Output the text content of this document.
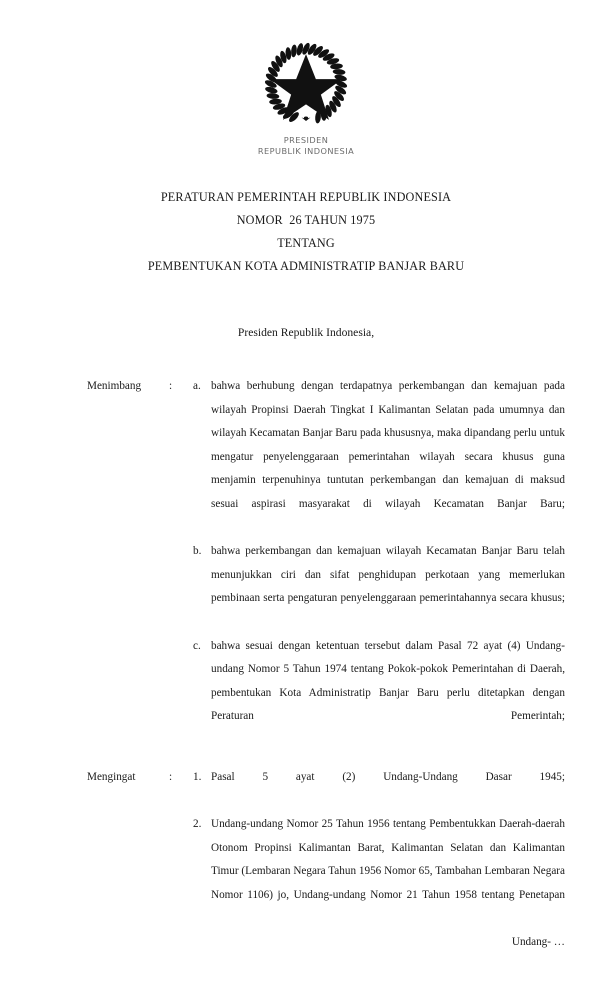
PRESIDEN
REPUBLIK INDONESIA
PERATURAN PEMERINTAH REPUBLIK INDONESIA
NOMOR  26 TAHUN 1975
TENTANG
PEMBENTUKAN KOTA ADMINISTRATIP BANJAR BARU
Presiden Republik Indonesia,
Menimbang	:	a. bahwa berhubung dengan terdapatnya perkembangan dan kemajuan pada wilayah Propinsi Daerah Tingkat I Kalimantan Selatan pada umumnya dan wilayah Kecamatan Banjar Baru pada khususnya, maka dipandang perlu untuk mengatur penyelenggaraan pemerintahan wilayah secara khusus guna menjamin terpenuhinya tuntutan perkembangan dan kemajuan di maksud sesuai aspirasi masyarakat di wilayah Kecamatan Banjar Baru;
b. bahwa perkembangan dan kemajuan wilayah Kecamatan Banjar Baru telah menunjukkan ciri dan sifat penghidupan perkotaan yang memerlukan pembinaan serta pengaturan penyelenggaraan pemerintahannya secara khusus;
c. bahwa sesuai dengan ketentuan tersebut dalam Pasal 72 ayat (4) Undang-undang Nomor 5 Tahun 1974 tentang Pokok-pokok Pemerintahan di Daerah, pembentukan Kota Administratip Banjar Baru perlu ditetapkan dengan Peraturan Pemerintah;
Mengingat	:	1. Pasal 5 ayat (2) Undang-Undang Dasar 1945;
2. Undang-undang Nomor 25 Tahun 1956 tentang Pembentukkan Daerah-daerah Otonom Propinsi Kalimantan Barat, Kalimantan Selatan dan Kalimantan Timur (Lembaran Negara Tahun 1956 Nomor 65, Tambahan Lembaran Negara Nomor 1106) jo, Undang-undang Nomor 21 Tahun 1958 tentang Penetapan
Undang- …
